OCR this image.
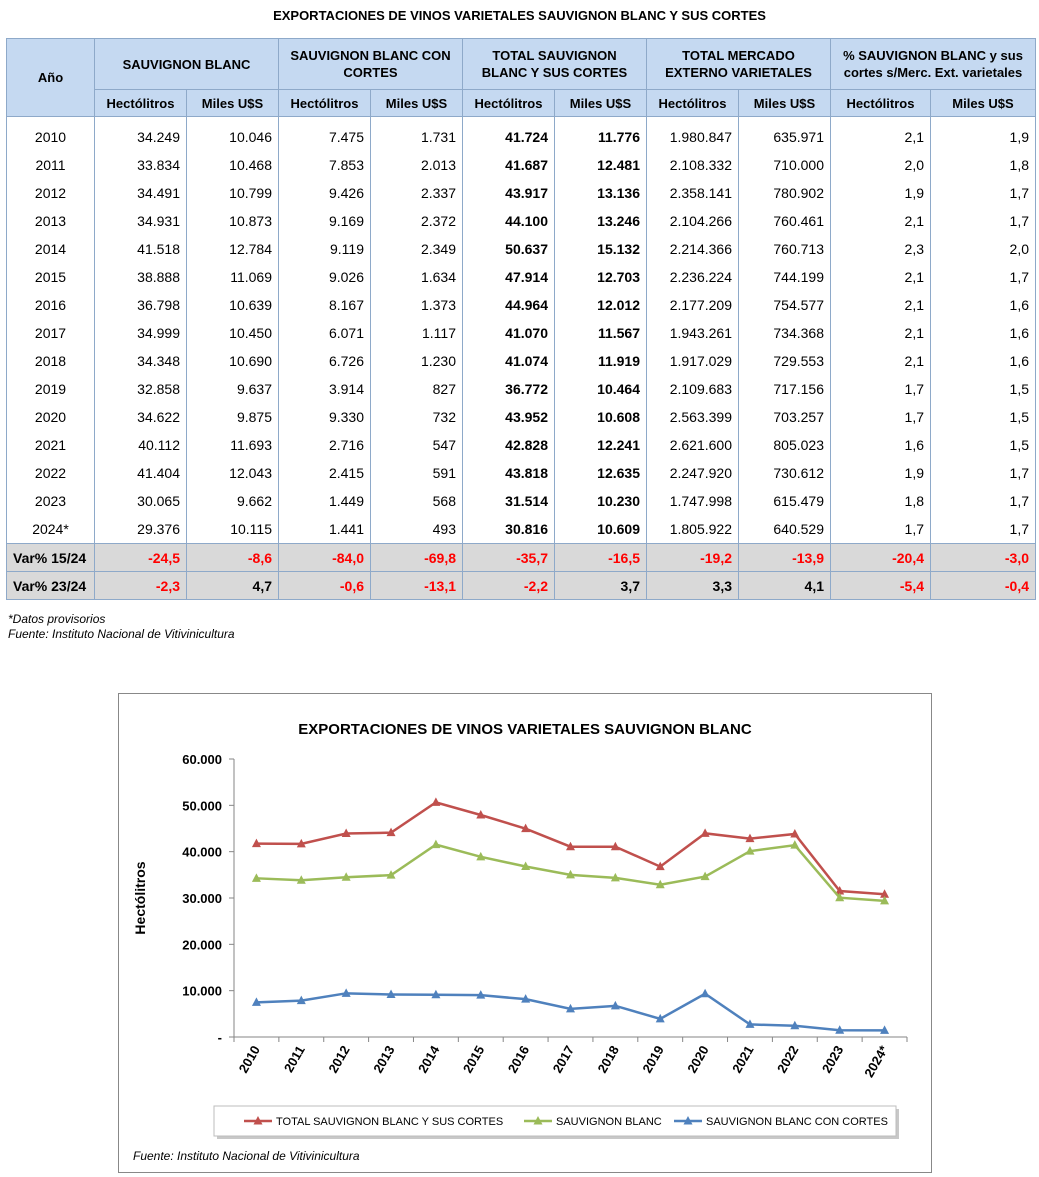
EXPORTACIONES DE VINOS VARIETALES SAUVIGNON BLANC Y SUS CORTES
Año	SAUVIGNON BLANC		SAUVIGNON BLANC CON CORTES		TOTAL SAUVIGNON BLANC Y SUS CORTES		TOTAL MERCADO EXTERNO VARIETALES		% SAUVIGNON BLANC y sus cortes s/Merc. Ext. varietales	
	Hectólitros	Miles U$S	Hectólitros	Miles U$S	Hectólitros	Miles U$S	Hectólitros	Miles U$S	Hectólitros	Miles U$S
2010	34.249	10.046	7.475	1.731	41.724	11.776	1.980.847	635.971	2,1	1,9
2011	33.834	10.468	7.853	2.013	41.687	12.481	2.108.332	710.000	2,0	1,8
2012	34.491	10.799	9.426	2.337	43.917	13.136	2.358.141	780.902	1,9	1,7
2013	34.931	10.873	9.169	2.372	44.100	13.246	2.104.266	760.461	2,1	1,7
2014	41.518	12.784	9.119	2.349	50.637	15.132	2.214.366	760.713	2,3	2,0
2015	38.888	11.069	9.026	1.634	47.914	12.703	2.236.224	744.199	2,1	1,7
2016	36.798	10.639	8.167	1.373	44.964	12.012	2.177.209	754.577	2,1	1,6
2017	34.999	10.450	6.071	1.117	41.070	11.567	1.943.261	734.368	2,1	1,6
2018	34.348	10.690	6.726	1.230	41.074	11.919	1.917.029	729.553	2,1	1,6
2019	32.858	9.637	3.914	827	36.772	10.464	2.109.683	717.156	1,7	1,5
2020	34.622	9.875	9.330	732	43.952	10.608	2.563.399	703.257	1,7	1,5
2021	40.112	11.693	2.716	547	42.828	12.241	2.621.600	805.023	1,6	1,5
2022	41.404	12.043	2.415	591	43.818	12.635	2.247.920	730.612	1,9	1,7
2023	30.065	9.662	1.449	568	31.514	10.230	1.747.998	615.479	1,8	1,7
2024*	29.376	10.115	1.441	493	30.816	10.609	1.805.922	640.529	1,7	1,7
Var% 15/24	-24,5	-8,6	-84,0	-69,8	-35,7	-16,5	-19,2	-13,9	-20,4	-3,0
Var% 23/24	-2,3	4,7	-0,6	-13,1	-2,2	3,7	3,3	4,1	-5,4	-0,4
*Datos provisorios
Fuente: Instituto Nacional de Vitivinicultura
EXPORTACIONES DE VINOS VARIETALES SAUVIGNON BLANC
Hectólitros
-
10.000
20.000
30.000
40.000
50.000
60.000
2010 2011 2012 2013 2014 2015 2016 2017 2018 2019 2020 2021 2022 2023 2024*
TOTAL SAUVIGNON BLANC Y SUS CORTES	SAUVIGNON BLANC	SAUVIGNON BLANC CON CORTES
Fuente: Instituto Nacional de Vitivinicultura
